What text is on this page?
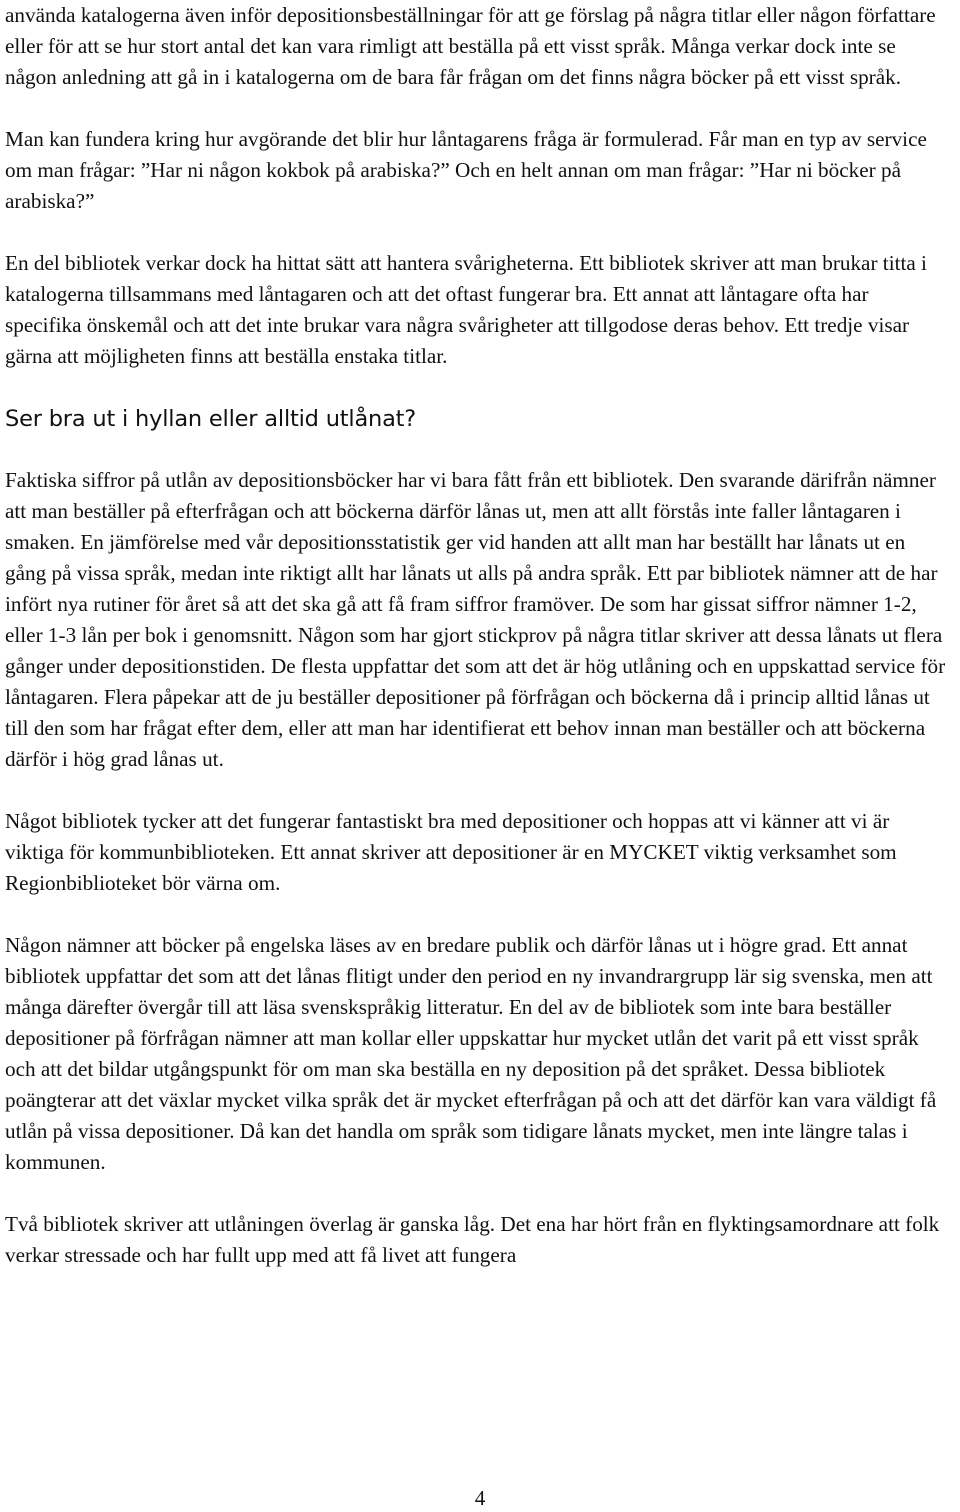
använda katalogerna även inför depositionsbeställningar för att ge förslag på några titlar eller någon författare eller för att se hur stort antal det kan vara rimligt att beställa på ett visst språk. Många verkar dock inte se någon anledning att gå in i katalogerna om de bara får frågan om det finns några böcker på ett visst språk.

Man kan fundera kring hur avgörande det blir hur låntagarens fråga är formulerad. Får man en typ av service om man frågar: ”Har ni någon kokbok på arabiska?” Och en helt annan om man frågar: ”Har ni böcker på arabiska?”

En del bibliotek verkar dock ha hittat sätt att hantera svårigheterna. Ett bibliotek skriver att man brukar titta i katalogerna tillsammans med låntagaren och att det oftast fungerar bra. Ett annat att låntagare ofta har specifika önskemål och att det inte brukar vara några svårigheter att tillgodose deras behov. Ett tredje visar gärna att möjligheten finns att beställa enstaka titlar.

Ser bra ut i hyllan eller alltid utlånat?

Faktiska siffror på utlån av depositionsböcker har vi bara fått från ett bibliotek. Den svarande därifrån nämner att man beställer på efterfrågan och att böckerna därför lånas ut, men att allt förstås inte faller låntagaren i smaken. En jämförelse med vår depositionsstatistik ger vid handen att allt man har beställt har lånats ut en gång på vissa språk, medan inte riktigt allt har lånats ut alls på andra språk. Ett par bibliotek nämner att de har infört nya rutiner för året så att det ska gå att få fram siffror framöver. De som har gissat siffror nämner 1-2, eller 1-3 lån per bok i genomsnitt. Någon som har gjort stickprov på några titlar skriver att dessa lånats ut flera gånger under depositionstiden. De flesta uppfattar det som att det är hög utlåning och en uppskattad service för låntagaren. Flera påpekar att de ju beställer depositioner på förfrågan och böckerna då i princip alltid lånas ut till den som har frågat efter dem, eller att man har identifierat ett behov innan man beställer och att böckerna därför i hög grad lånas ut.

Något bibliotek tycker att det fungerar fantastiskt bra med depositioner och hoppas att vi känner att vi är viktiga för kommunbiblioteken. Ett annat skriver att depositioner är en MYCKET viktig verksamhet som Regionbiblioteket bör värna om.

Någon nämner att böcker på engelska läses av en bredare publik och därför lånas ut i högre grad. Ett annat bibliotek uppfattar det som att det lånas flitigt under den period en ny invandrargrupp lär sig svenska, men att många därefter övergår till att läsa svenskspråkig litteratur. En del av de bibliotek som inte bara beställer depositioner på förfrågan nämner att man kollar eller uppskattar hur mycket utlån det varit på ett visst språk och att det bildar utgångspunkt för om man ska beställa en ny deposition på det språket. Dessa bibliotek poängterar att det växlar mycket vilka språk det är mycket efterfrågan på och att det därför kan vara väldigt få utlån på vissa depositioner. Då kan det handla om språk som tidigare lånats mycket, men inte längre talas i kommunen.

Två bibliotek skriver att utlåningen överlag är ganska låg. Det ena har hört från en flyktingsamordnare att folk verkar stressade och har fullt upp med att få livet att fungera

4
